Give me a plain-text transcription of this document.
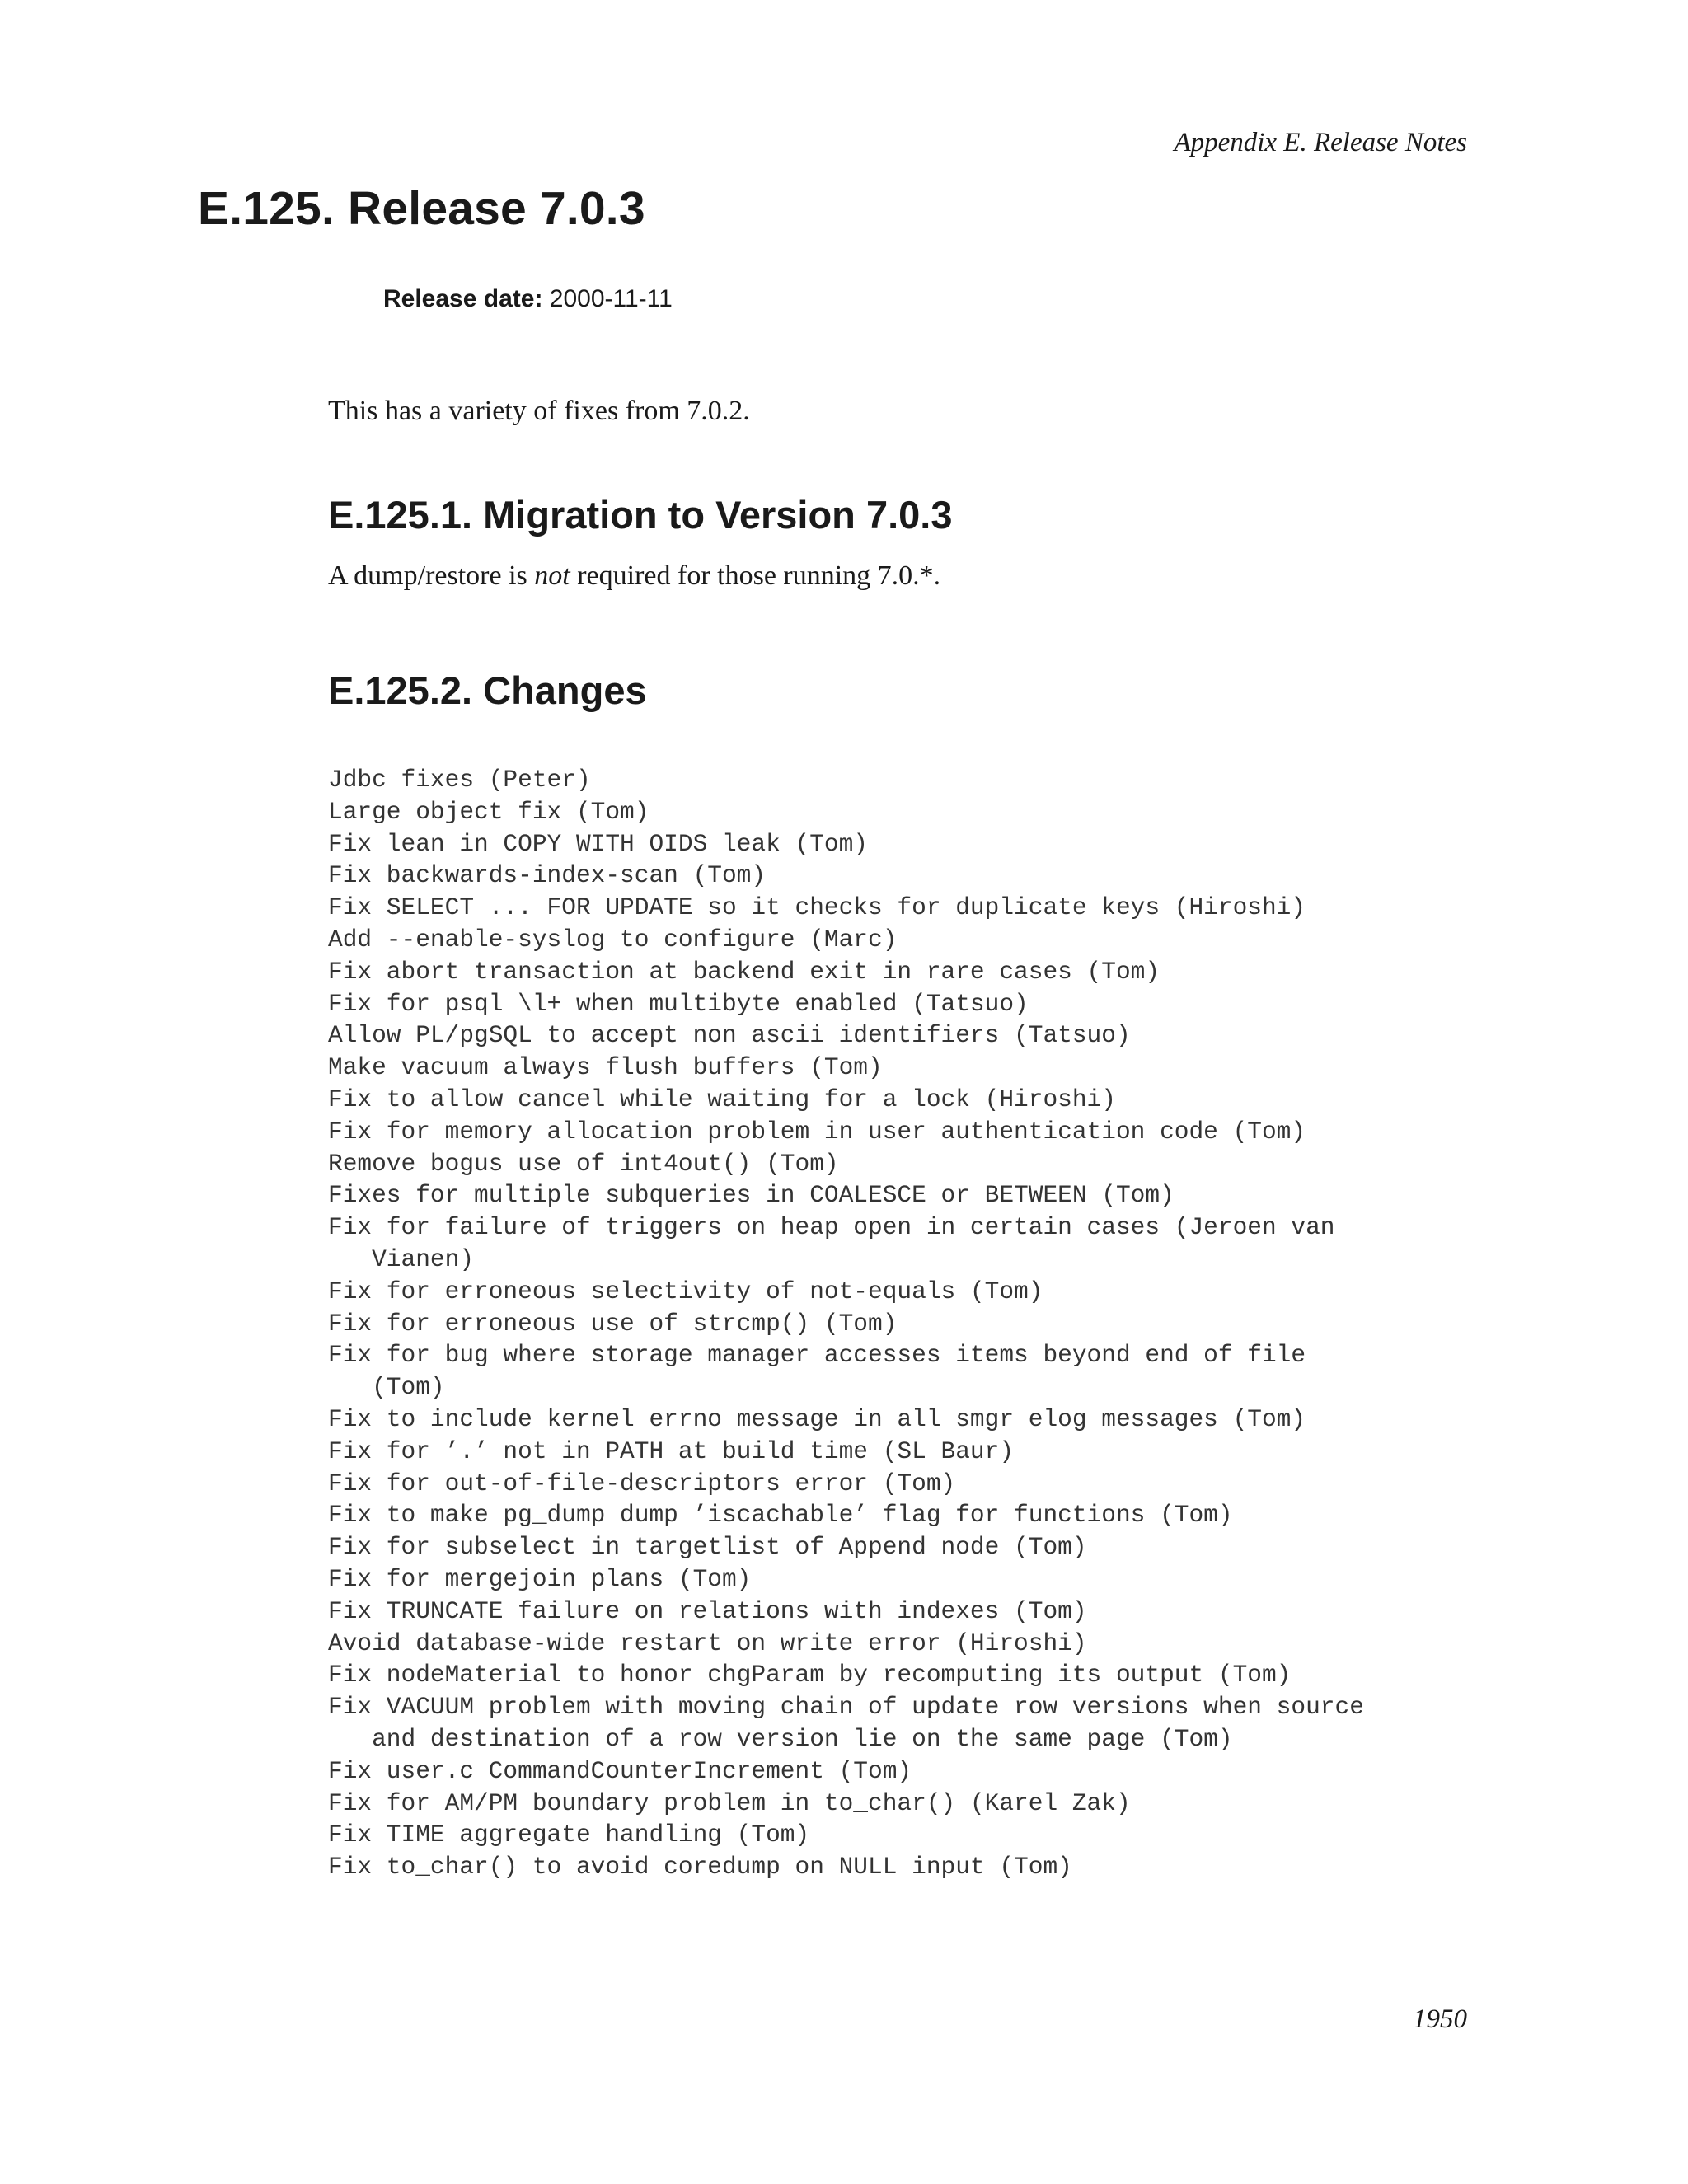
Appendix E. Release Notes
E.125. Release 7.0.3
Release date: 2000-11-11

This has a variety of fixes from 7.0.2.

E.125.1. Migration to Version 7.0.3

A dump/restore is not required for those running 7.0.*.

E.125.2. Changes
Jdbc fixes (Peter)
Large object fix (Tom)
Fix lean in COPY WITH OIDS leak (Tom)
Fix backwards-index-scan (Tom)
Fix SELECT ... FOR UPDATE so it checks for duplicate keys (Hiroshi)
Add --enable-syslog to configure (Marc)
Fix abort transaction at backend exit in rare cases (Tom)
Fix for psql \l+ when multibyte enabled (Tatsuo)
Allow PL/pgSQL to accept non ascii identifiers (Tatsuo)
Make vacuum always flush buffers (Tom)
Fix to allow cancel while waiting for a lock (Hiroshi)
Fix for memory allocation problem in user authentication code (Tom)
Remove bogus use of int4out() (Tom)
Fixes for multiple subqueries in COALESCE or BETWEEN (Tom)
Fix for failure of triggers on heap open in certain cases (Jeroen van
Vianen)
Fix for erroneous selectivity of not-equals (Tom)
Fix for erroneous use of strcmp() (Tom)
Fix for bug where storage manager accesses items beyond end of file
(Tom)
Fix to include kernel errno message in all smgr elog messages (Tom)
Fix for ’.’ not in PATH at build time (SL Baur)
Fix for out-of-file-descriptors error (Tom)
Fix to make pg_dump dump ’iscachable’ flag for functions (Tom)
Fix for subselect in targetlist of Append node (Tom)
Fix for mergejoin plans (Tom)
Fix TRUNCATE failure on relations with indexes (Tom)
Avoid database-wide restart on write error (Hiroshi)
Fix nodeMaterial to honor chgParam by recomputing its output (Tom)
Fix VACUUM problem with moving chain of update row versions when source
and destination of a row version lie on the same page (Tom)
Fix user.c CommandCounterIncrement (Tom)
Fix for AM/PM boundary problem in to_char() (Karel Zak)
Fix TIME aggregate handling (Tom)
Fix to_char() to avoid coredump on NULL input (Tom)
1950
